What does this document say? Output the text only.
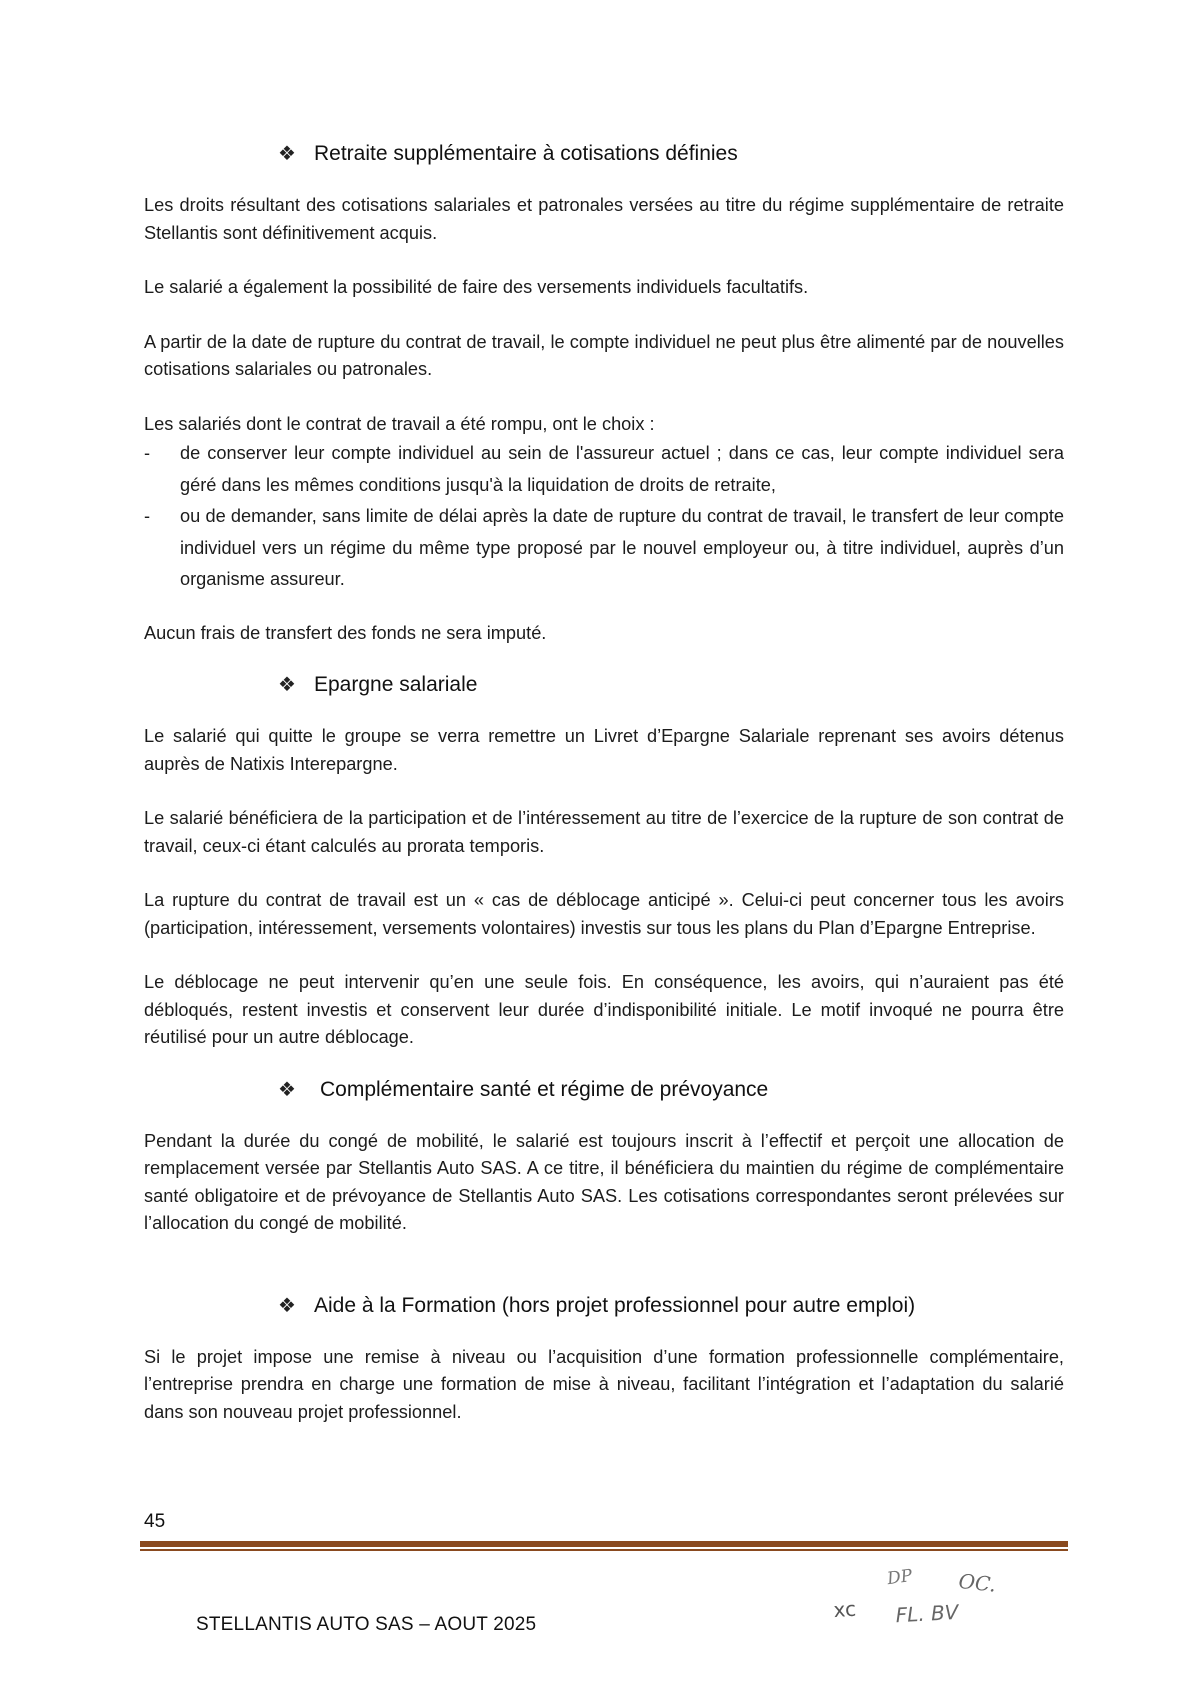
❖ Retraite supplémentaire à cotisations définies

Les droits résultant des cotisations salariales et patronales versées au titre du régime supplémentaire de retraite Stellantis sont définitivement acquis.

Le salarié a également la possibilité de faire des versements individuels facultatifs.

A partir de la date de rupture du contrat de travail, le compte individuel ne peut plus être alimenté par de nouvelles cotisations salariales ou patronales.

Les salariés dont le contrat de travail a été rompu, ont le choix :

- de conserver leur compte individuel au sein de l'assureur actuel ; dans ce cas, leur compte individuel sera géré dans les mêmes conditions jusqu'à la liquidation de droits de retraite,
- ou de demander, sans limite de délai après la date de rupture du contrat de travail, le transfert de leur compte individuel vers un régime du même type proposé par le nouvel employeur ou, à titre individuel, auprès d’un organisme assureur.

Aucun frais de transfert des fonds ne sera imputé.

❖ Epargne salariale

Le salarié qui quitte le groupe se verra remettre un Livret d’Epargne Salariale reprenant ses avoirs détenus auprès de Natixis Interepargne.

Le salarié bénéficiera de la participation et de l’intéressement au titre de l’exercice de la rupture de son contrat de travail, ceux-ci étant calculés au prorata temporis.

La rupture du contrat de travail est un « cas de déblocage anticipé ». Celui-ci peut concerner tous les avoirs (participation, intéressement, versements volontaires) investis sur tous les plans du Plan d’Epargne Entreprise.

Le déblocage ne peut intervenir qu’en une seule fois. En conséquence, les avoirs, qui n’auraient pas été débloqués, restent investis et conservent leur durée d’indisponibilité initiale. Le motif invoqué ne pourra être réutilisé pour un autre déblocage.

❖	Complémentaire santé et régime de prévoyance

Pendant la durée du congé de mobilité, le salarié est toujours inscrit à l’effectif et perçoit une allocation de remplacement versée par Stellantis Auto SAS. A ce titre, il bénéficiera du maintien du régime de complémentaire santé obligatoire et de prévoyance de Stellantis Auto SAS. Les cotisations correspondantes seront prélevées sur l’allocation du congé de mobilité.

❖ Aide à la Formation (hors projet professionnel pour autre emploi)

Si le projet impose une remise à niveau ou l’acquisition d’une formation professionnelle complémentaire, l’entreprise prendra en charge une formation de mise à niveau, facilitant l’intégration et l’adaptation du salarié dans son nouveau projet professionnel.

45
xc
DP OC.
FL. BV
STELLANTIS AUTO SAS – AOUT 2025
